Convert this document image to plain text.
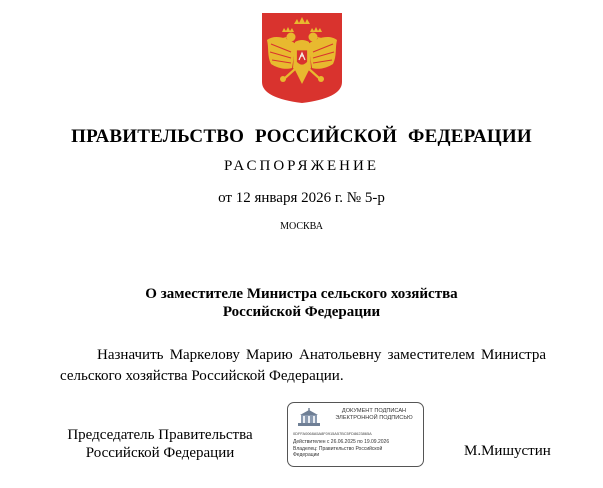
ПРАВИТЕЛЬСТВО РОССИЙСКОЙ ФЕДЕРАЦИИ
РАСПОРЯЖЕНИЕ
от 12 января 2026 г. № 5-р
МОСКВА
О заместителе Министра сельского хозяйства
Российской Федерации
Назначить Маркелову Марию Анатольевну заместителем Министра сельского хозяйства Российской Федерации.
Председатель Правительства
Российской Федерации
ДОКУМЕНТ ПОДПИСАН
ЭЛЕКТРОННОЙ ПОДПИСЬЮ
0DFFA0068A5A8F0915A57BC5FD8623865A
Действителен с 26.06.2025 по 19.09.2026
Владелец: Правительство Российской
Федерации	М.Мишустин
